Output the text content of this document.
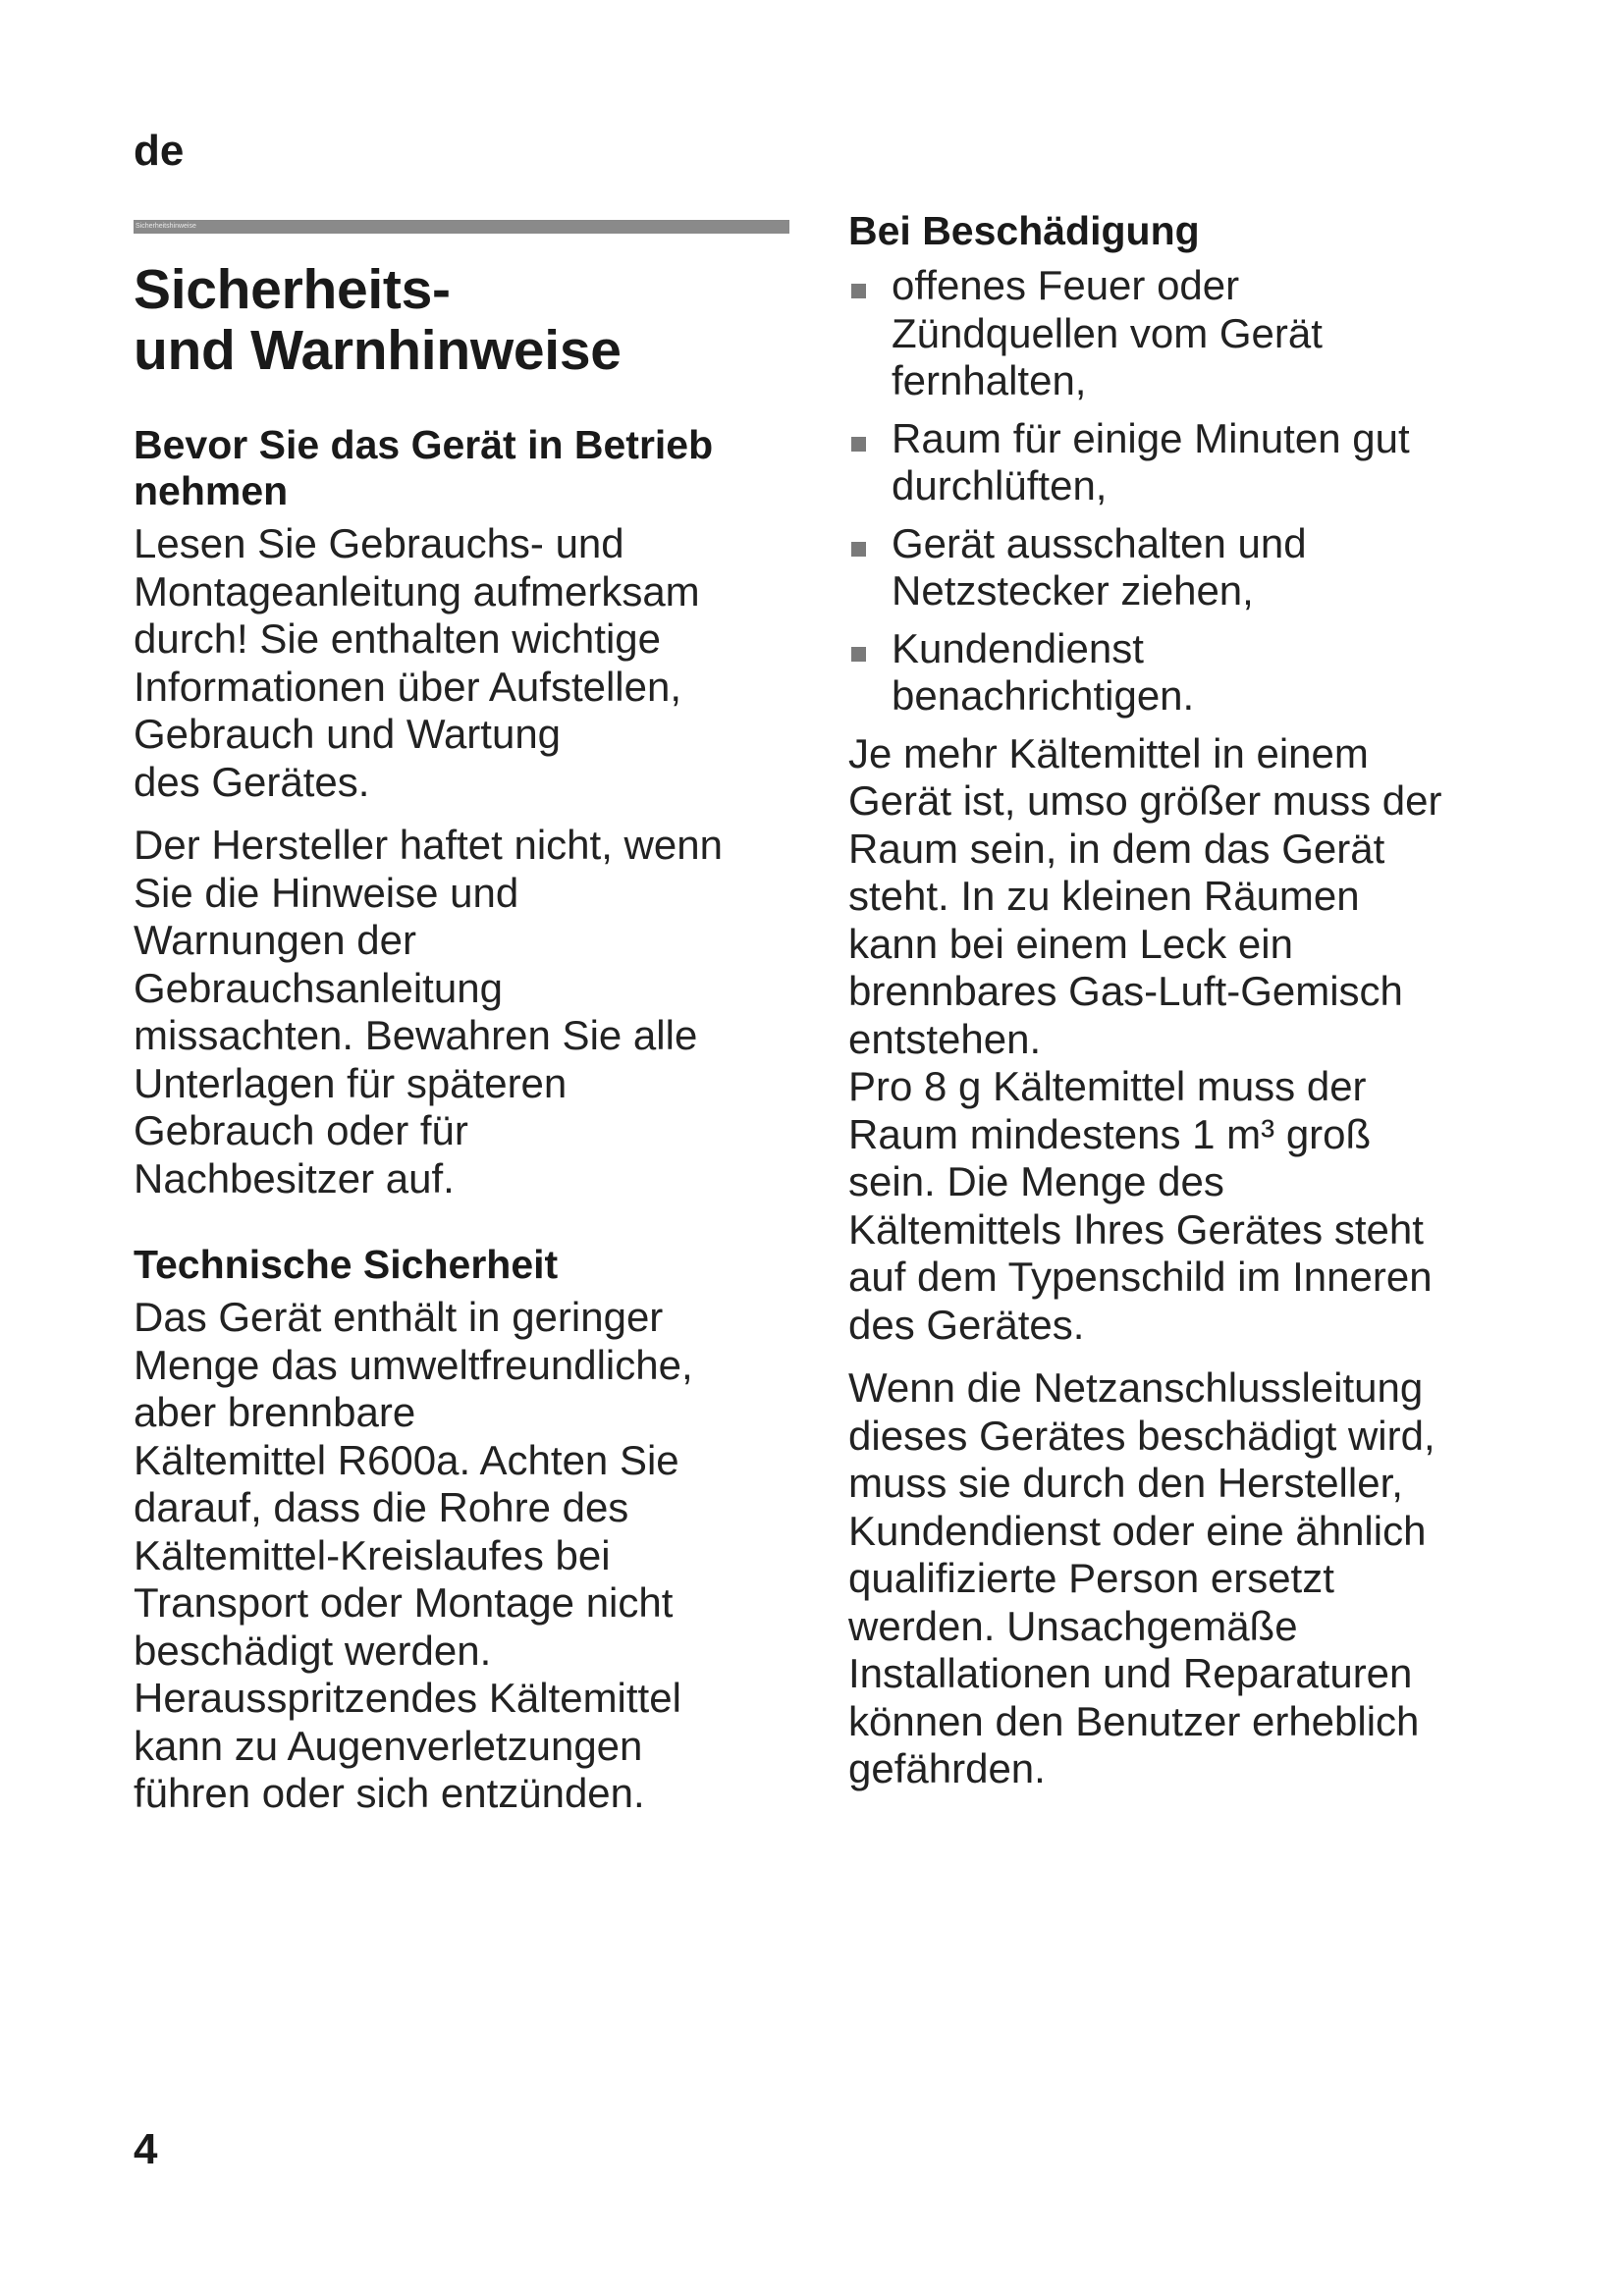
de
Sicherheitshinweise
Sicherheits-
und Warnhinweise
Bevor Sie das Gerät in Betrieb
nehmen

Lesen Sie Gebrauchs- und
Montageanleitung aufmerksam
durch! Sie enthalten wichtige
Informationen über Aufstellen,
Gebrauch und Wartung
des Gerätes.

Der Hersteller haftet nicht, wenn
Sie die Hinweise und
Warnungen der
Gebrauchsanleitung
missachten. Bewahren Sie alle
Unterlagen für späteren
Gebrauch oder für
Nachbesitzer auf.

Technische Sicherheit

Das Gerät enthält in geringer
Menge das umweltfreundliche,
aber brennbare
Kältemittel R600a. Achten Sie
darauf, dass die Rohre des
Kältemittel-Kreislaufes bei
Transport oder Montage nicht
beschädigt werden.
Herausspritzendes Kältemittel
kann zu Augenverletzungen
führen oder sich entzünden.

Bei Beschädigung
offenes Feuer oder
Zündquellen vom Gerät
fernhalten,
Raum für einige Minuten gut
durchlüften,
Gerät ausschalten und
Netzstecker ziehen,
Kundendienst
benachrichtigen.

Je mehr Kältemittel in einem
Gerät ist, umso größer muss der
Raum sein, in dem das Gerät
steht. In zu kleinen Räumen
kann bei einem Leck ein
brennbares Gas-Luft-Gemisch
entstehen.

Pro 8 g Kältemittel muss der
Raum mindestens 1 m³ groß
sein. Die Menge des
Kältemittels Ihres Gerätes steht
auf dem Typenschild im Inneren
des Gerätes.

Wenn die Netzanschlussleitung
dieses Gerätes beschädigt wird,
muss sie durch den Hersteller,
Kundendienst oder eine ähnlich
qualifizierte Person ersetzt
werden. Unsachgemäße
Installationen und Reparaturen
können den Benutzer erheblich
gefährden.

4
